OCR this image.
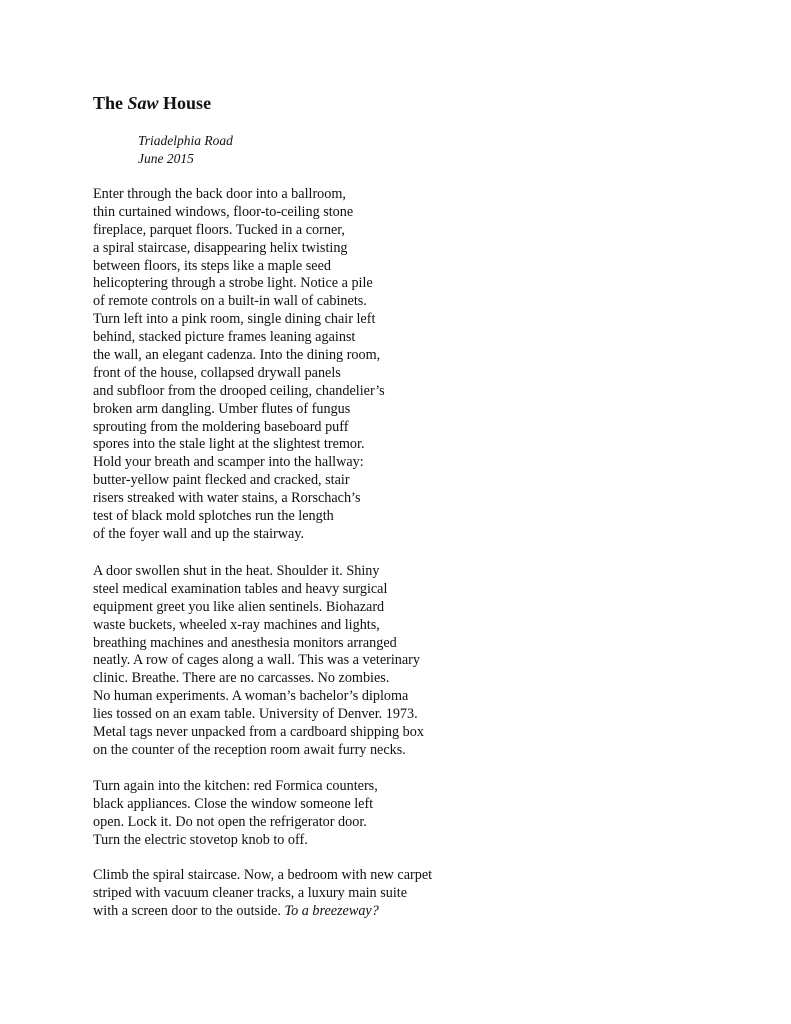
The Saw House

Triadelphia Road

June 2015

Enter through the back door into a ballroom,
thin curtained windows, floor-to-ceiling stone
fireplace, parquet floors. Tucked in a corner,
a spiral staircase, disappearing helix twisting
between floors, its steps like a maple seed
helicoptering through a strobe light. Notice a pile
of remote controls on a built-in wall of cabinets.
Turn left into a pink room, single dining chair left
behind, stacked picture frames leaning against
the wall, an elegant cadenza. Into the dining room,
front of the house, collapsed drywall panels
and subfloor from the drooped ceiling, chandelier’s
broken arm dangling. Umber flutes of fungus
sprouting from the moldering baseboard puff
spores into the stale light at the slightest tremor.
Hold your breath and scamper into the hallway:
butter-yellow paint flecked and cracked, stair
risers streaked with water stains, a Rorschach’s
test of black mold splotches run the length
of the foyer wall and up the stairway.
A door swollen shut in the heat. Shoulder it. Shiny
steel medical examination tables and heavy surgical
equipment greet you like alien sentinels. Biohazard
waste buckets, wheeled x-ray machines and lights,
breathing machines and anesthesia monitors arranged
neatly. A row of cages along a wall. This was a veterinary
clinic. Breathe. There are no carcasses. No zombies.
No human experiments. A woman’s bachelor’s diploma
lies tossed on an exam table. University of Denver. 1973.
Metal tags never unpacked from a cardboard shipping box
on the counter of the reception room await furry necks.
Turn again into the kitchen: red Formica counters,
black appliances. Close the window someone left
open. Lock it. Do not open the refrigerator door.
Turn the electric stovetop knob to off.
Climb the spiral staircase. Now, a bedroom with new carpet
striped with vacuum cleaner tracks, a luxury main suite
with a screen door to the outside. To a breezeway?
